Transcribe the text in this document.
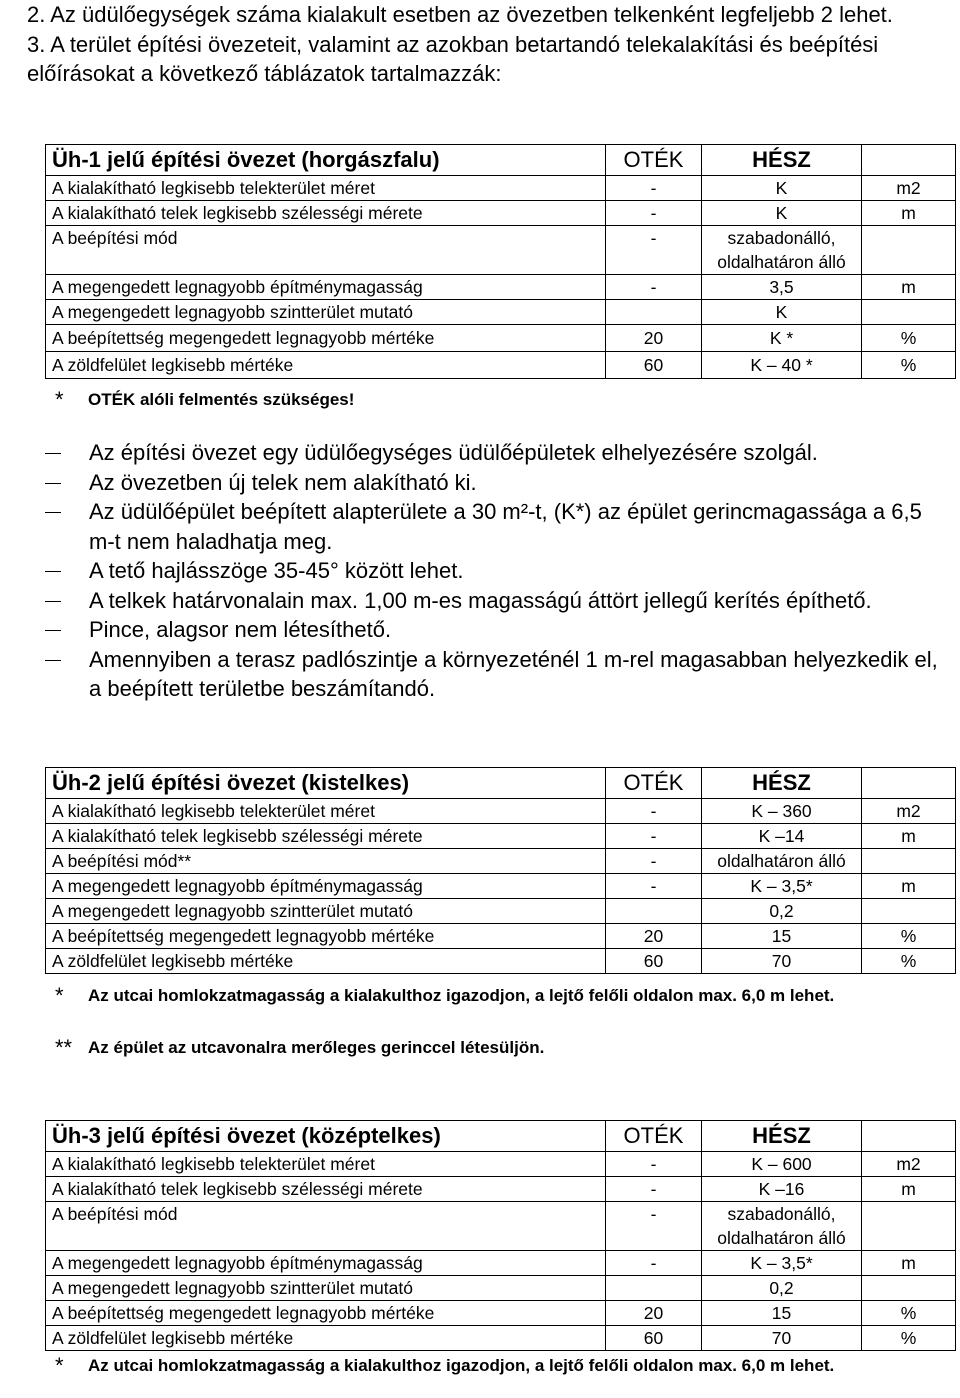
2. Az üdülőegységek száma kialakult esetben az övezetben telkenként legfeljebb 2 lehet.

3. A terület építési övezeteit, valamint az azokban betartandó telekalakítási és beépítési előírásokat a következő táblázatok tartalmazzák:

Üh-1 jelű építési övezet (horgászfalu)	OTÉK	HÉSZ	
A kialakítható legkisebb telekterület méret	-	K	m2
A kialakítható telek legkisebb szélességi mérete	-	K	m
A beépítési mód	-	szabadonálló, oldalhatáron álló	
A megengedett legnagyobb építménymagasság	-	3,5	m
A megengedett legnagyobb szintterület mutató		K	
A beépítettség megengedett legnagyobb mértéke	20	K *	%
A zöldfelület legkisebb mértéke	60	K – 40 *	%
* OTÉK alóli felmentés szükséges!
Az építési övezet egy üdülőegységes üdülőépületek elhelyezésére szolgál.
Az övezetben új telek nem alakítható ki.
Az üdülőépület beépített alapterülete a 30 m²-t, (K*) az épület gerincmagassága a 6,5 m-t nem haladhatja meg.
A tető hajlásszöge 35-45° között lehet.
A telkek határvonalain max. 1,00 m-es magasságú áttört jellegű kerítés építhető.
Pince, alagsor nem létesíthető.
Amennyiben a terasz padlószintje a környezeténél 1 m-rel magasabban helyezkedik el, a beépített területbe beszámítandó.
Üh-2 jelű építési övezet (kistelkes)	OTÉK	HÉSZ	
A kialakítható legkisebb telekterület méret	-	K – 360	m2
A kialakítható telek legkisebb szélességi mérete	-	K –14	m
A beépítési mód**	-	oldalhatáron álló	
A megengedett legnagyobb építménymagasság	-	K – 3,5*	m
A megengedett legnagyobb szintterület mutató		0,2	
A beépítettség megengedett legnagyobb mértéke	20	15	%
A zöldfelület legkisebb mértéke	60	70	%
* Az utcai homlokzatmagasság a kialakulthoz igazodjon, a lejtő felőli oldalon max. 6,0 m lehet.
** Az épület az utcavonalra merőleges gerinccel létesüljön.
Üh-3 jelű építési övezet (középtelkes)	OTÉK	HÉSZ	
A kialakítható legkisebb telekterület méret	-	K – 600	m2
A kialakítható telek legkisebb szélességi mérete	-	K –16	m
A beépítési mód	-	szabadonálló, oldalhatáron álló	
A megengedett legnagyobb építménymagasság	-	K – 3,5*	m
A megengedett legnagyobb szintterület mutató		0,2	
A beépítettség megengedett legnagyobb mértéke	20	15	%
A zöldfelület legkisebb mértéke	60	70	%
* Az utcai homlokzatmagasság a kialakulthoz igazodjon, a lejtő felőli oldalon max. 6,0 m lehet.
